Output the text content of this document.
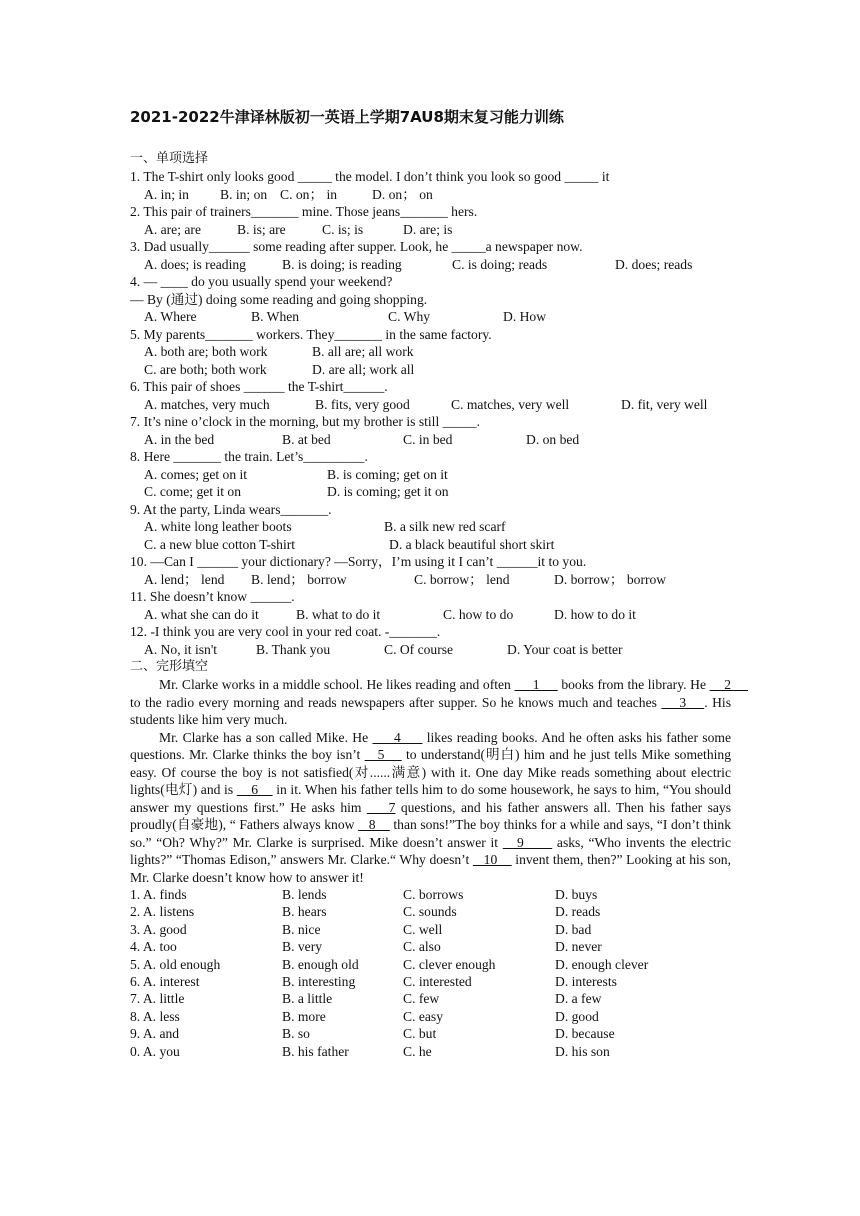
2021-2022牛津译林版初一英语上学期7AU8期末复习能力训练
一、单项选择
1. The T-shirt only looks good _____ the model. I don’t think you look so good _____ it
A. in; in B. in; on C. on； in	D. on； on
2. This pair of trainers_______ mine. Those jeans_______ hers.
A. are; are	B. is; are	C. is; is	D. are; is
3. Dad usually______ some reading after supper. Look, he _____a newspaper now.
A. does; is reading	B. is doing; is reading	C. is doing; reads	D. does; reads
4. — ____ do you usually spend your weekend?
— By (通过) doing some reading and going shopping.
A. Where	B. When	C. Why	D. How
5. My parents_______ workers. They_______ in the same factory.
A. both are; both work	B. all are; all work
C. are both; both work	D. are all; work all
6. This pair of shoes ______ the T-shirt______.
A. matches, very much	B. fits, very good	C. matches, very well	D. fit, very well
7. It’s nine o’clock in the morning, but my brother is still _____.
A. in the bed	B. at bed	C. in bed	D. on bed
8. Here _______ the train. Let’s_________.
A. comes; get on it	B. is coming; get on it
C. come; get it on	D. is coming; get it on
9. At the party, Linda wears_______.
A. white long leather boots	B. a silk new red scarf
C. a new blue cotton T-shirt	D. a black beautiful short skirt
10. —Can I ______ your dictionary? —Sorry，I’m using it I can’t ______it to you.
A. lend； lend B. lend； borrow	C. borrow； lend	D. borrow； borrow
11. She doesn’t know ______.
A. what she can do it	B. what to do it	C. how to do	D. how to do it
12. -I think you are very cool in your red coat. -_______.
A. No, it isn't	B. Thank you	C. Of course	D. Your coat is better
二、完形填空
Mr. Clarke works in a middle school. He likes reading and often      1      books from the library. He     2      to the radio every morning and reads newspapers after supper. So he knows much and teaches     3    . His students like him very much.
Mr. Clarke has a son called Mike. He      4      likes reading books. And he often asks his father some questions. Mr. Clarke thinks the boy isn’t    5     to understand(明白) him and he just tells Mike something easy. Of course the boy is not satisfied(对......满意) with it. One day Mike reads something about electric lights(电灯) and is     6     in it. When his father tells him to do some housework, he says to him, “You should answer my questions first.” He asks him     7 questions, and his father answers all. Then his father says proudly(自豪地), “ Fathers always know    8     than sons!”The boy thinks for a while and says, “I don’t think so.” “Oh? Why?” Mr. Clarke is surprised. Mike doesn’t answer it    9       asks, “Who invents the electric lights?” “Thomas Edison,” answers Mr. Clarke.“ Why doesn’t    10     invent them, then?” Looking at his son, Mr. Clarke doesn’t know how to answer it!
1. A. finds	B. lends	C. borrows	D. buys
2. A. listens	B. hears	C. sounds	D. reads
3. A. good	B. nice	C. well	D. bad
4. A. too	B. very	C. also	D. never
5. A. old enough	B. enough old	C. clever enough	D. enough clever
6. A. interest	B. interesting	C. interested	D. interests
7. A. little	B. a little	C. few	D. a few
8. A. less	B. more	C. easy	D. good
9. A. and	B. so	C. but	D. because
0. A. you	B. his father	C. he	D. his son
